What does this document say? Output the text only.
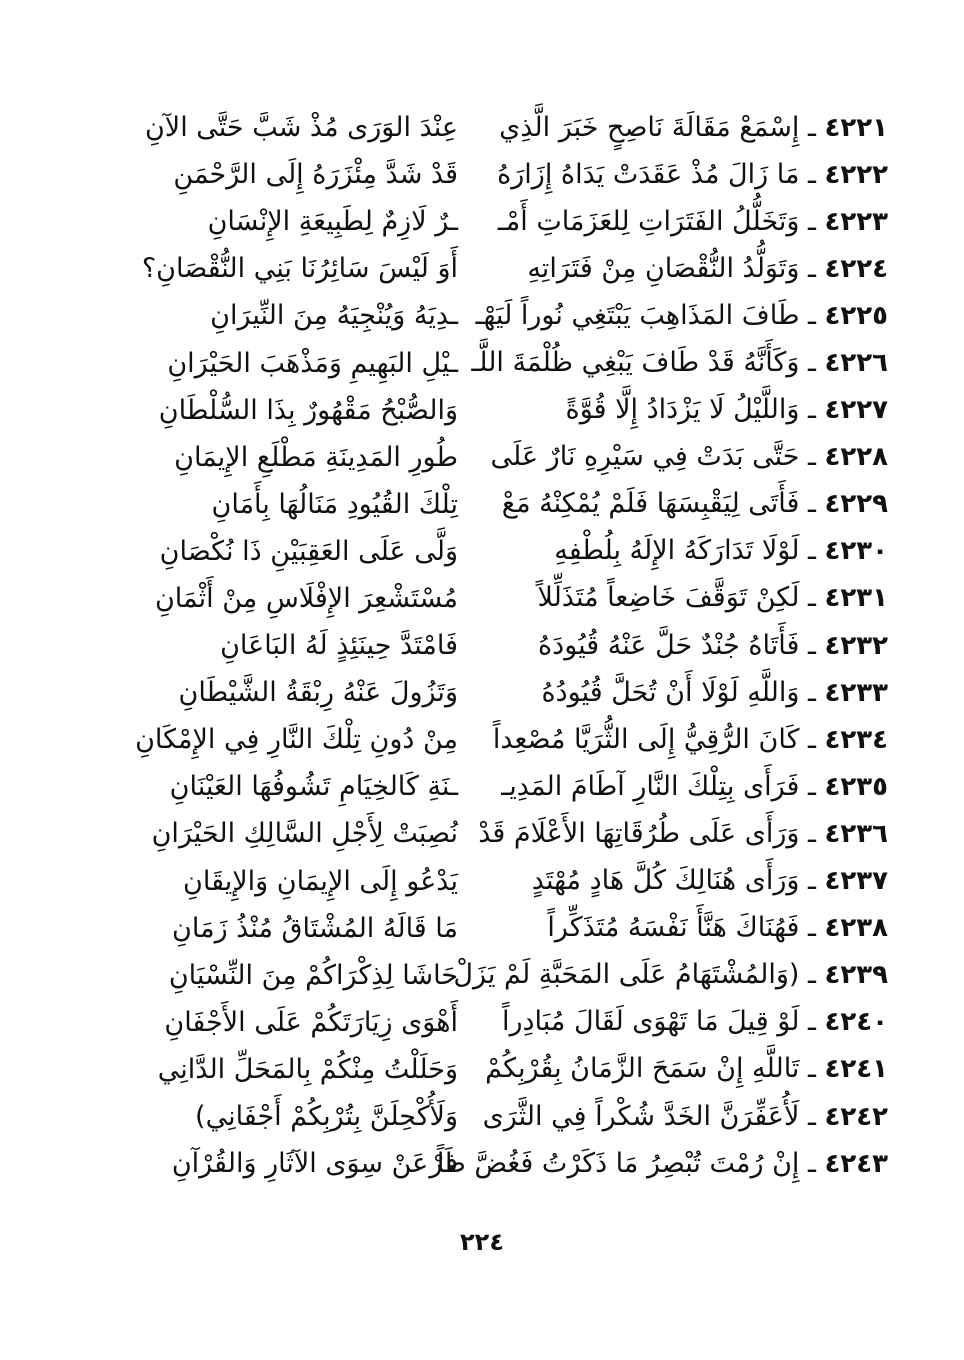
٤٢٢١ ـ إِسْمَعْ مَقَالَةَ نَاصِحٍ خَبَرَ الَّذِي
عِنْدَ الوَرَى مُذْ شَبَّ حَتَّى الآنِ
٤٢٢٢ ـ مَا زَالَ مُذْ عَقَدَتْ يَدَاهُ إِزَارَهُ
قَدْ شَدَّ مِئْزَرَهُ إِلَى الرَّحْمَنِ
٤٢٢٣ ـ وَتَخَلُّلُ الفَتَرَاتِ لِلعَزَمَاتِ أَمْـ
ـرٌ لَازِمٌ لِطَبِيعَةِ الإِنْسَانِ
٤٢٢٤ ـ وَتَوَلُّدُ النُّقْصَانِ مِنْ فَتَرَاتِهِ
أَوَ لَيْسَ سَائِرُنَا بَنِي النُّقْصَانِ؟
٤٢٢٥ ـ طَافَ المَذَاهِبَ يَبْتَغِي نُوراً لَيَهْـ
ـدِيَهُ وَيُنْجِيَهُ مِنَ النِّيرَانِ
٤٢٢٦ ـ وَكَأَنَّهُ قَدْ طَافَ يَبْغِي ظُلْمَةَ اللَّـ
ـيْلِ البَهِيمِ وَمَذْهَبَ الحَيْرَانِ
٤٢٢٧ ـ وَاللَّيْلُ لَا يَزْدَادُ إِلَّا قُوَّةً
وَالصُّبْحُ مَقْهُورٌ بِذَا السُّلْطَانِ
٤٢٢٨ ـ حَتَّى بَدَتْ فِي سَيْرِهِ نَارٌ عَلَى
طُورِ المَدِينَةِ مَطْلَعِ الإِيمَانِ
٤٢٢٩ ـ فَأَتَى لِيَقْبِسَهَا فَلَمْ يُمْكِنْهُ مَعْ
تِلْكَ القُيُودِ مَنَالُهَا بِأَمَانِ
٤٢٣٠ ـ لَوْلَا تَدَارَكَهُ الإِلَهُ بِلُطْفِهِ
وَلَّى عَلَى العَقِبَيْنِ ذَا نُكْصَانِ
٤٢٣١ ـ لَكِنْ تَوَقَّفَ خَاضِعاً مُتَذَلِّلاً
مُسْتَشْعِرَ الإِفْلَاسِ مِنْ أَثْمَانِ
٤٢٣٢ ـ فَأَتَاهُ جُنْدٌ حَلَّ عَنْهُ قُيُودَهُ
فَامْتَدَّ حِينَئِذٍ لَهُ البَاعَانِ
٤٢٣٣ ـ وَاللَّهِ لَوْلَا أَنْ تُحَلَّ قُيُودُهُ
وَتَزُولَ عَنْهُ رِبْقَةُ الشَّيْطَانِ
٤٢٣٤ ـ كَانَ الرُّقِيُّ إِلَى الثُّرَيَّا مُصْعِداً
مِنْ دُونِ تِلْكَ النَّارِ فِي الإِمْكَانِ
٤٢٣٥ ـ فَرَأَى بِتِلْكَ النَّارِ آطَامَ المَدِيـ
ـنَةِ كَالخِيَامِ تَشُوفُهَا العَيْنَانِ
٤٢٣٦ ـ وَرَأَى عَلَى طُرُقَاتِهَا الأَعْلَامَ قَدْ
نُصِبَتْ لِأَجْلِ السَّالِكِ الحَيْرَانِ
٤٢٣٧ ـ وَرَأَى هُنَالِكَ كُلَّ هَادٍ مُهْتَدٍ
يَدْعُو إِلَى الإِيمَانِ وَالإِيقَانِ
٤٢٣٨ ـ فَهُنَاكَ هَنَّأَ نَفْسَهُ مُتَذَكِّراً
مَا قَالَهُ المُشْتَاقُ مُنْذُ زَمَانِ
٤٢٣٩ ـ (وَالمُشْتَهَامُ عَلَى المَحَبَّةِ لَمْ يَزَلْ
حَاشَا لِذِكْرَاكُمْ مِنَ النِّسْيَانِ
٤٢٤٠ ـ لَوْ قِيلَ مَا تَهْوَى لَقَالَ مُبَادِراً
أَهْوَى زِيَارَتَكُمْ عَلَى الأَجْفَانِ
٤٢٤١ ـ تَاللَّهِ إِنْ سَمَحَ الزَّمَانُ بِقُرْبِكُمْ
وَحَلَلْتُ مِنْكُمْ بِالمَحَلِّ الدَّانِي
٤٢٤٢ ـ لَأُعَفِّرَنَّ الخَدَّ شُكْراً فِي الثَّرَى
وَلَأُكْحِلَنَّ بِتُرْبِكُمْ أَجْفَانِي)
٤٢٤٣ ـ إِنْ رُمْتَ تُبْصِرُ مَا ذَكَرْتُ فَغُضَّ طَرْ
فاً عَنْ سِوَى الآثَارِ وَالقُرْآنِ
٢٢٤
